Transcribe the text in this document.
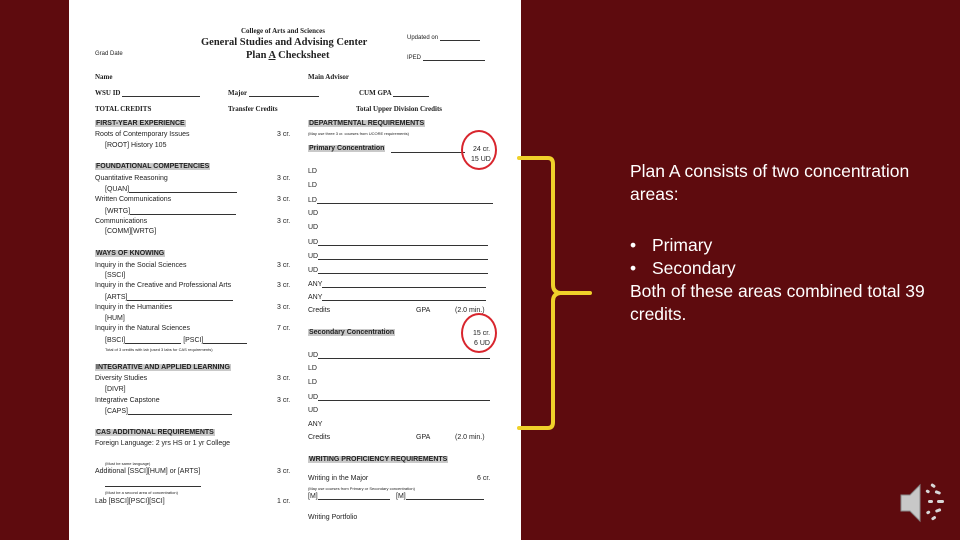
College of Arts and Sciences
General Studies and Advising Center
Plan A Checksheet
Updated on
IPED
Grad Date
Name	Main Advisor
WSU ID	Major	CUM GPA
TOTAL CREDITS	Transfer Credits	Total Upper Division Credits
FIRST-YEAR EXPERIENCE
Roots of Contemporary Issues	3 cr.
[ROOT] History 105
FOUNDATIONAL COMPETENCIES
Quantitative Reasoning	3 cr.
[QUAN]
Written Communications	3 cr.
[WRTG]
Communications	3 cr.
[COMM][WRTG]
WAYS OF KNOWING
Inquiry in the Social Sciences	3 cr.
[SSCI]
Inquiry in the Creative and Professional Arts	3 cr.
[ARTS]
Inquiry in the Humanities	3 cr.
[HUM]
Inquiry in the Natural Sciences	7 cr.
[BSCI]	[PSCI]
Total of 3 credits with lab (used 3 labs for CAS requirements)
INTEGRATIVE AND APPLIED LEARNING
Diversity Studies	3 cr.
[DIVR]
Integrative Capstone	3 cr.
[CAPS]
CAS ADDITIONAL REQUIREMENTS
Foreign Language: 2 yrs HS or 1 yr College
(Must be same language)
Additional [SSCI][HUM] or [ARTS]	3 cr.
(Must be a second area of concentration)
Lab [BSCI][PSCI][SCI]	1 cr.
DEPARTMENTAL REQUIREMENTS
(May use three 3 cr. courses from UCORE requirements)
Primary Concentration	24 cr.
15 UD
LD
LD
LD
UD
UD
UD
UD
UD
ANY
ANY
Credits	GPA	(2.0 min.)
Secondary Concentration	15 cr.
6 UD
UD
LD
LD
UD
UD
ANY
Credits	GPA	(2.0 min.)
WRITING PROFICIENCY REQUIREMENTS
Writing in the Major	6 cr.
(May use courses from Primary or Secondary concentration)
[M]	[M]
Writing Portfolio

Plan A consists of two concentration areas:

• Primary
• Secondary

Both of these areas combined total 39 credits.
